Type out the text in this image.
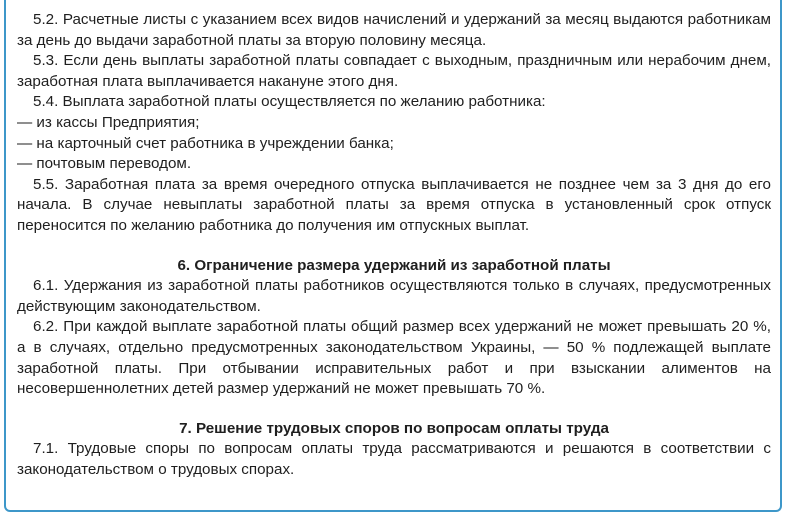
5.2. Расчетные листы с указанием всех видов начислений и удержаний за месяц выдаются работникам за день до выдачи заработной платы за вторую половину месяца.

5.3. Если день выплаты заработной платы совпадает с выходным, праздничным или нерабочим днем, заработная плата выплачивается накануне этого дня.

5.4. Выплата заработной платы осуществляется по желанию работника:

— из кассы Предприятия;

— на карточный счет работника в учреждении банка;

— почтовым переводом.

5.5. Заработная плата за время очередного отпуска выплачивается не позднее чем за 3 дня до его начала. В случае невыплаты заработной платы за время отпуска в установленный срок отпуск переносится по желанию работника до получения им отпускных выплат.

6. Ограничение размера удержаний из заработной платы

6.1. Удержания из заработной платы работников осуществляются только в случаях, предусмотренных действующим законодательством.

6.2. При каждой выплате заработной платы общий размер всех удержаний не может превышать 20 %, а в случаях, отдельно предусмотренных законодательством Украины, — 50 % подлежащей выплате заработной платы. При отбывании исправительных работ и при взыскании алиментов на несовершеннолетних детей размер удержаний не может превышать 70 %.

7. Решение трудовых споров по вопросам оплаты труда

7.1. Трудовые споры по вопросам оплаты труда рассматриваются и решаются в соответствии с законодательством о трудовых спорах.
